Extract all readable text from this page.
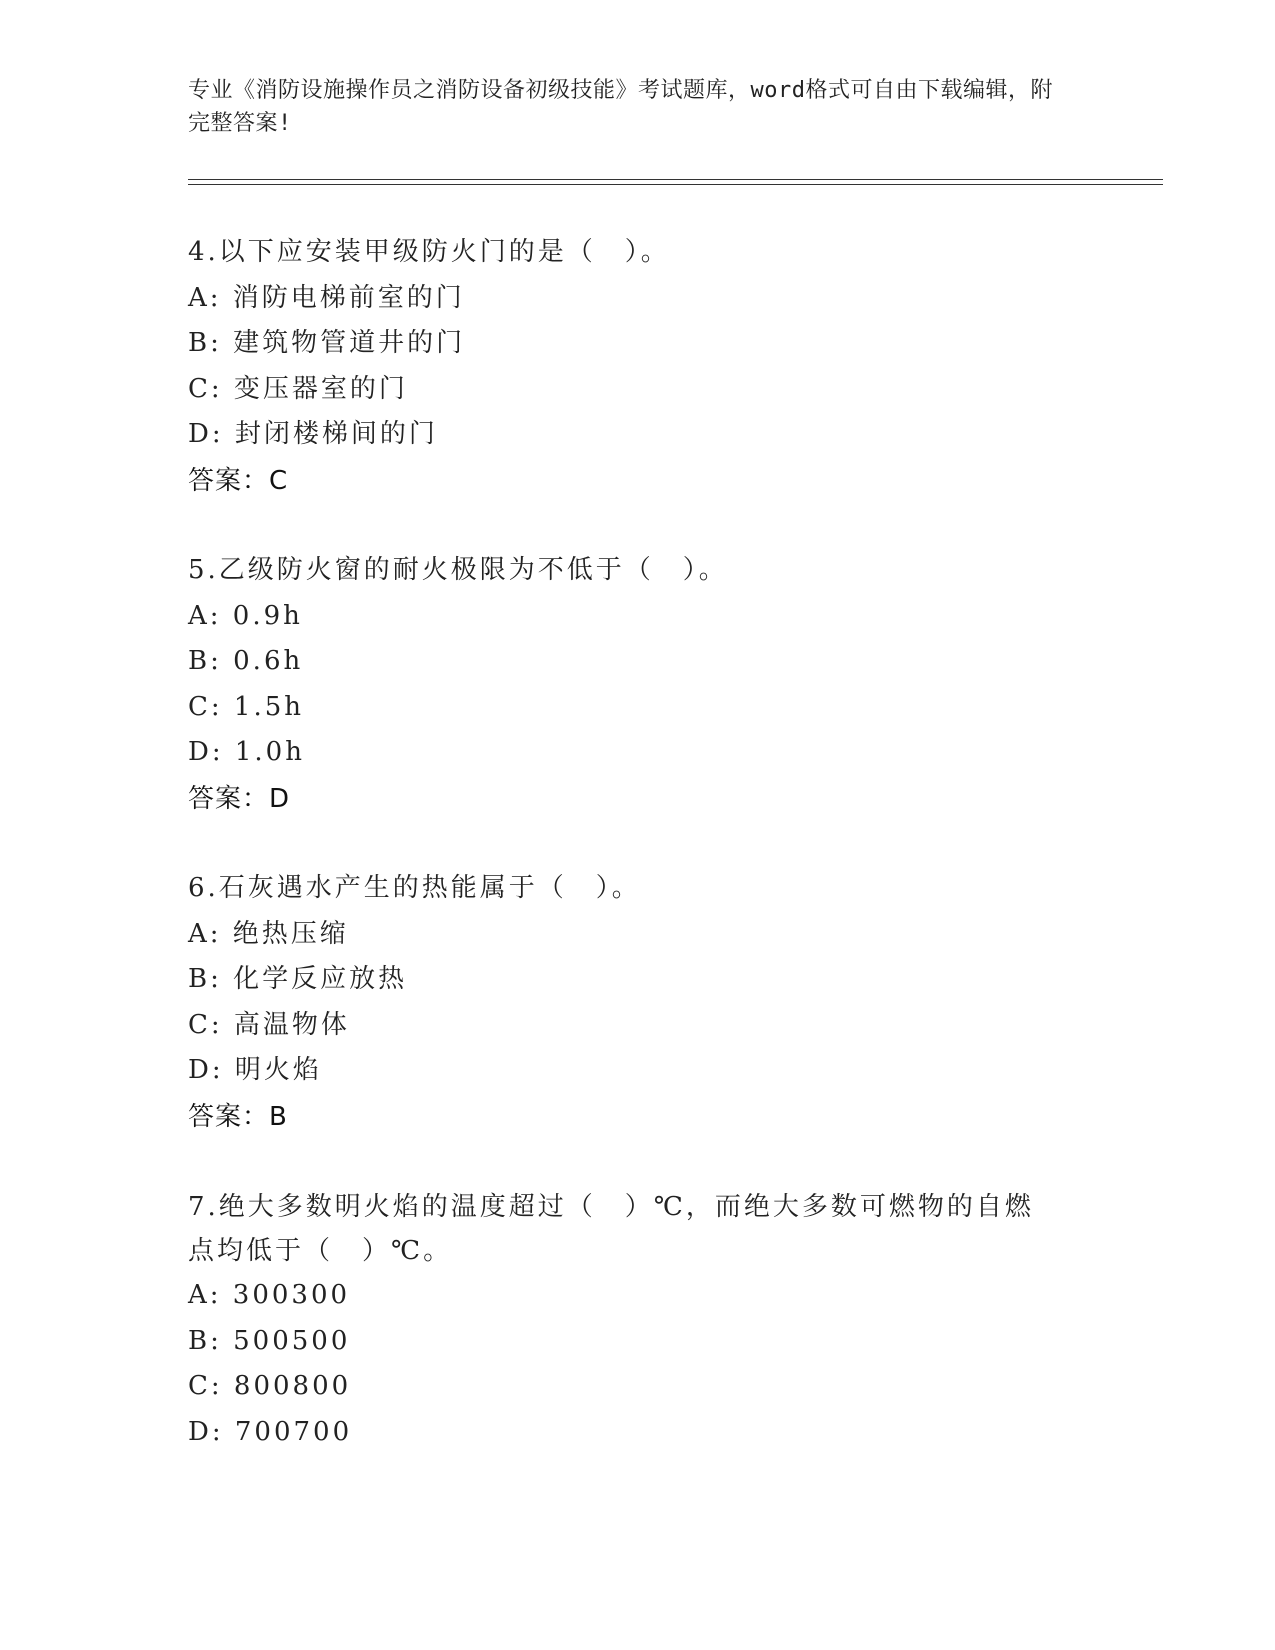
专业《消防设施操作员之消防设备初级技能》考试题库，word格式可自由下载编辑，附完整答案!
4.以下应安装甲级防火门的是（　）。
A: 消防电梯前室的门
B: 建筑物管道井的门
C: 变压器室的门
D: 封闭楼梯间的门
答案：C
5.乙级防火窗的耐火极限为不低于（　）。
A: 0.9h
B: 0.6h
C: 1.5h
D: 1.0h
答案：D
6.石灰遇水产生的热能属于（　）。
A: 绝热压缩
B: 化学反应放热
C: 高温物体
D: 明火焰
答案：B
7.绝大多数明火焰的温度超过（　）℃，而绝大多数可燃物的自燃点均低于（　）℃。
A: 300300
B: 500500
C: 800800
D: 700700
